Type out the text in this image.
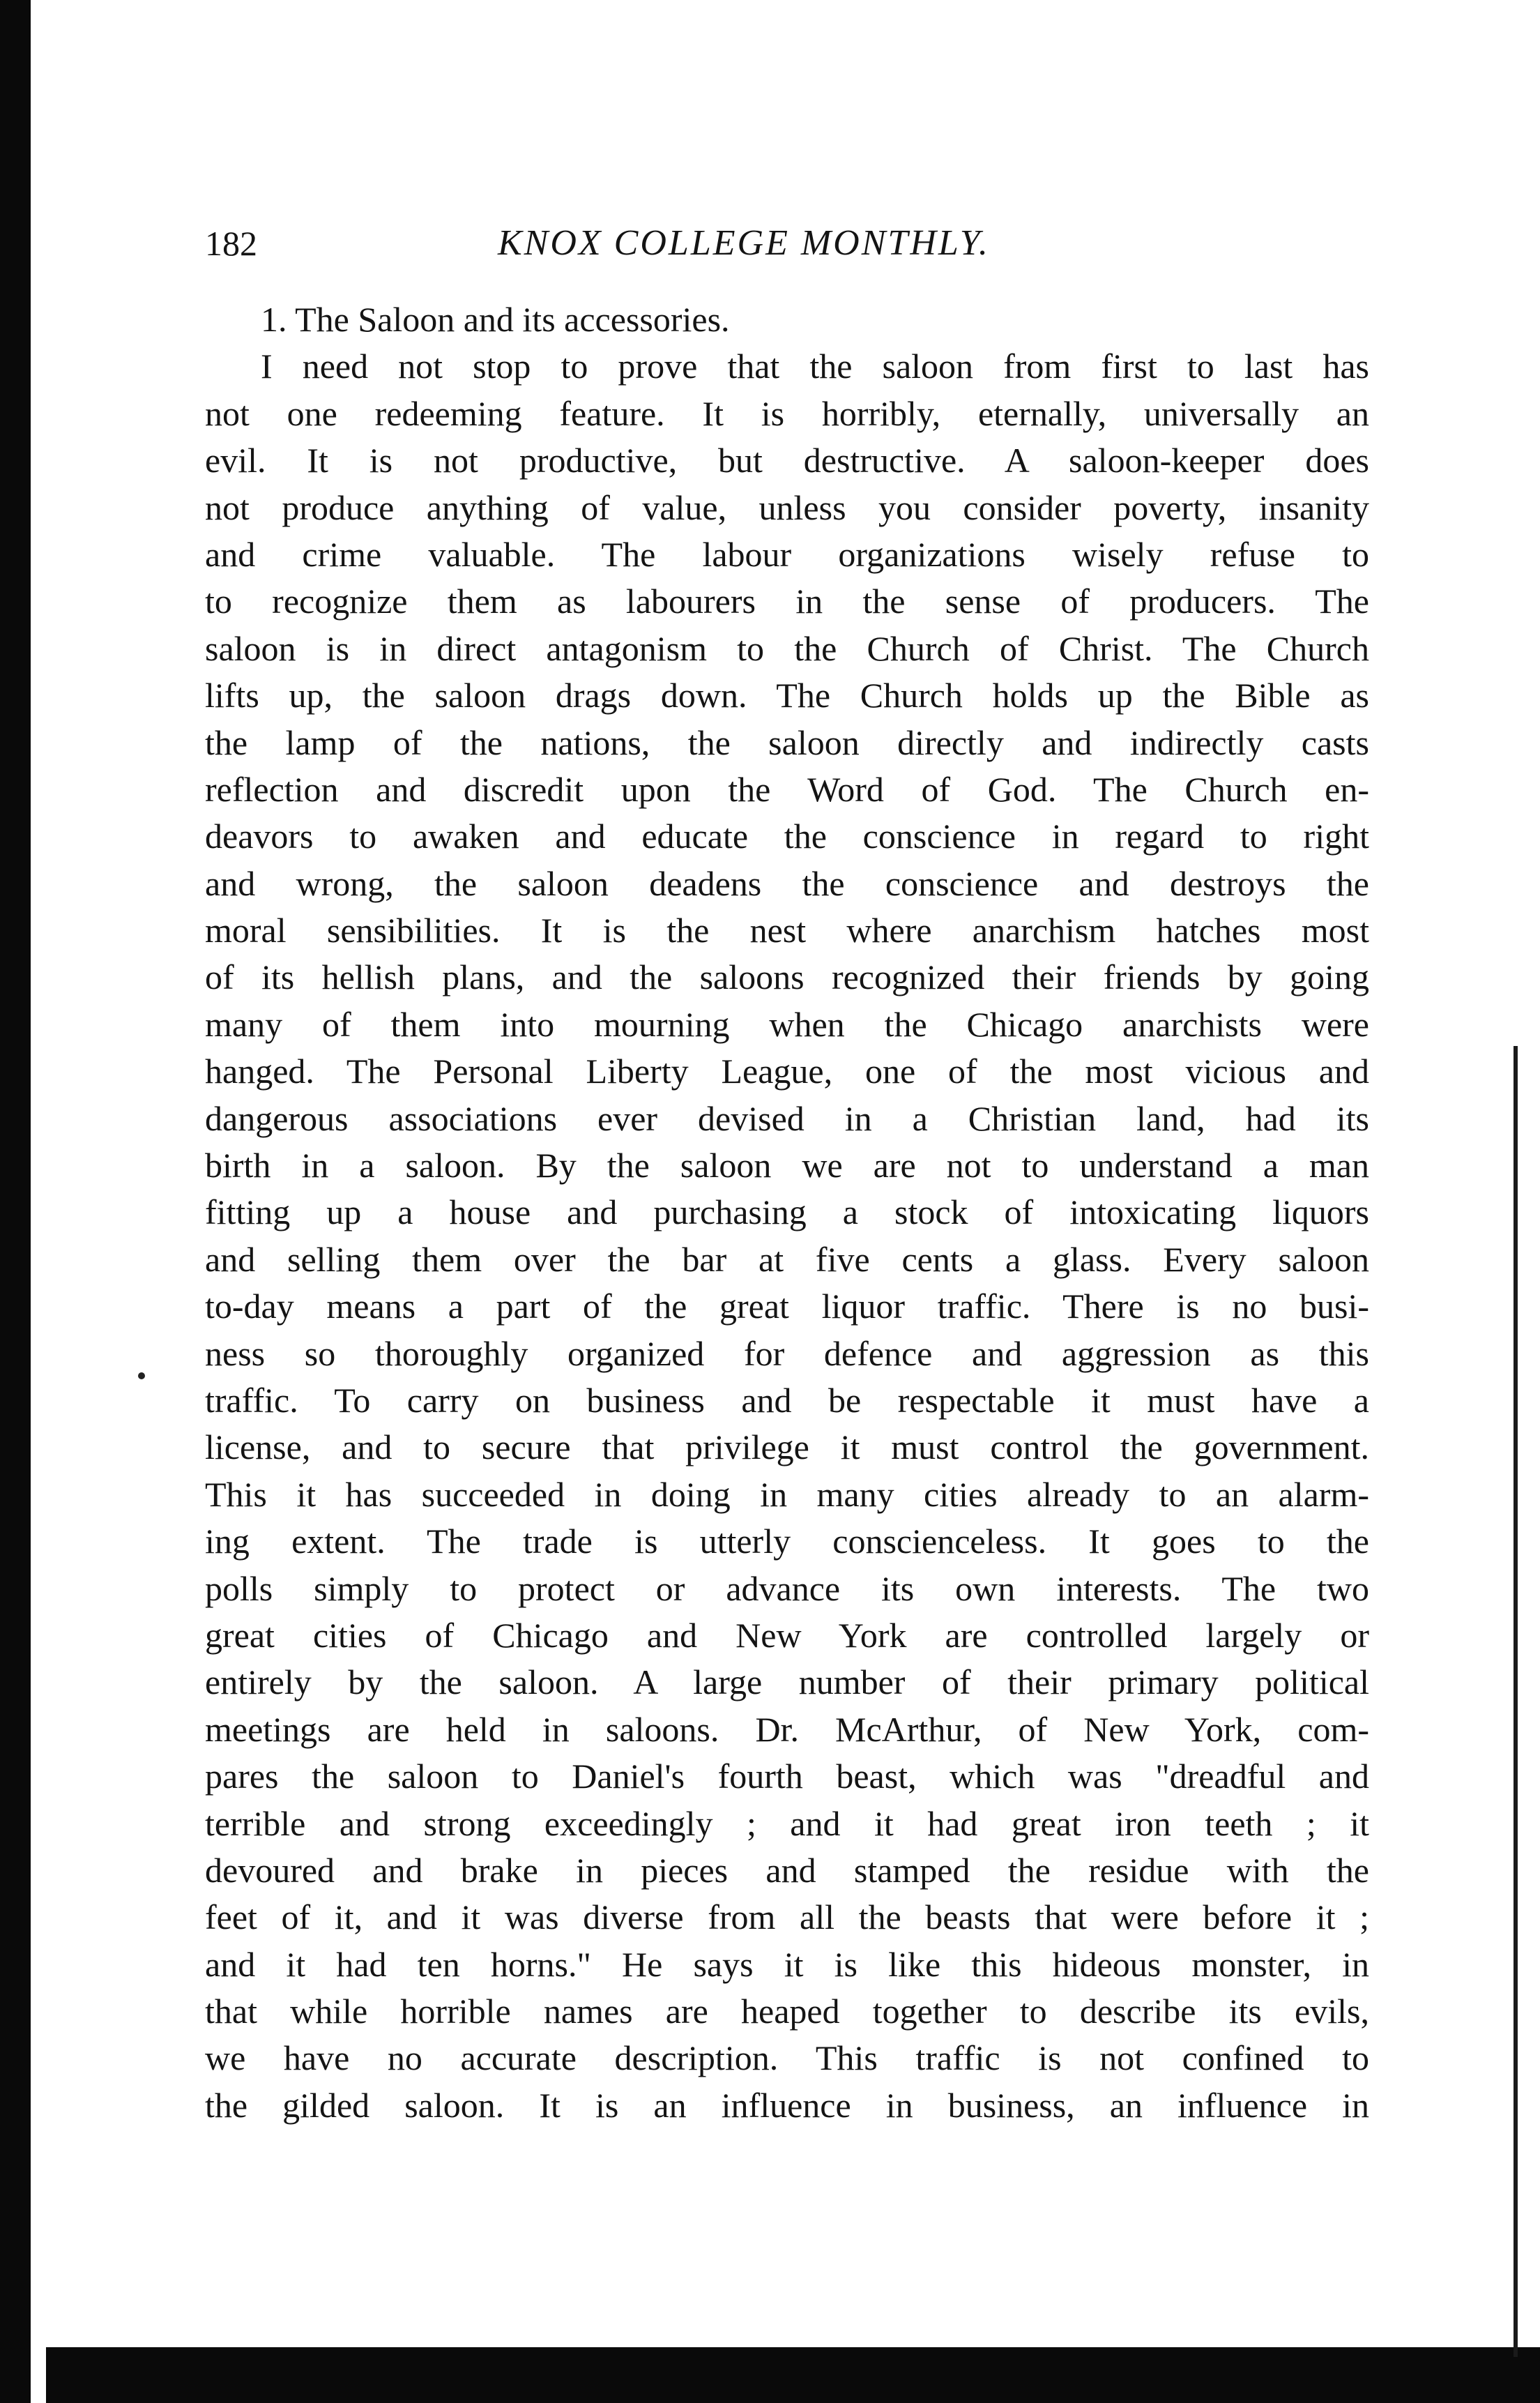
182	KNOX COLLEGE MONTHLY.
1. The Saloon and its accessories.
I need not stop to prove that the saloon from first to last has
not one redeeming feature. It is horribly, eternally, universally an
evil. It is not productive, but destructive. A saloon-keeper does
not produce anything of value, unless you consider poverty, insanity
and crime valuable. The labour organizations wisely refuse to
to recognize them as labourers in the sense of producers. The
saloon is in direct antagonism to the Church of Christ. The Church
lifts up, the saloon drags down. The Church holds up the Bible as
the lamp of the nations, the saloon directly and indirectly casts
reflection and discredit upon the Word of God. The Church en-
deavors to awaken and educate the conscience in regard to right
and wrong, the saloon deadens the conscience and destroys the
moral sensibilities. It is the nest where anarchism hatches most
of its hellish plans, and the saloons recognized their friends by going
many of them into mourning when the Chicago anarchists were
hanged. The Personal Liberty League, one of the most vicious and
dangerous associations ever devised in a Christian land, had its
birth in a saloon. By the saloon we are not to understand a man
fitting up a house and purchasing a stock of intoxicating liquors
and selling them over the bar at five cents a glass. Every saloon
to-day means a part of the great liquor traffic. There is no busi-
ness so thoroughly organized for defence and aggression as this
traffic. To carry on business and be respectable it must have a
license, and to secure that privilege it must control the government.
This it has succeeded in doing in many cities already to an alarm-
ing extent. The trade is utterly conscienceless. It goes to the
polls simply to protect or advance its own interests. The two
great cities of Chicago and New York are controlled largely or
entirely by the saloon. A large number of their primary political
meetings are held in saloons. Dr. McArthur, of New York, com-
pares the saloon to Daniel's fourth beast, which was "dreadful and
terrible and strong exceedingly ; and it had great iron teeth ; it
devoured and brake in pieces and stamped the residue with the
feet of it, and it was diverse from all the beasts that were before it ;
and it had ten horns." He says it is like this hideous monster, in
that while horrible names are heaped together to describe its evils,
we have no accurate description. This traffic is not confined to
the gilded saloon. It is an influence in business, an influence in
